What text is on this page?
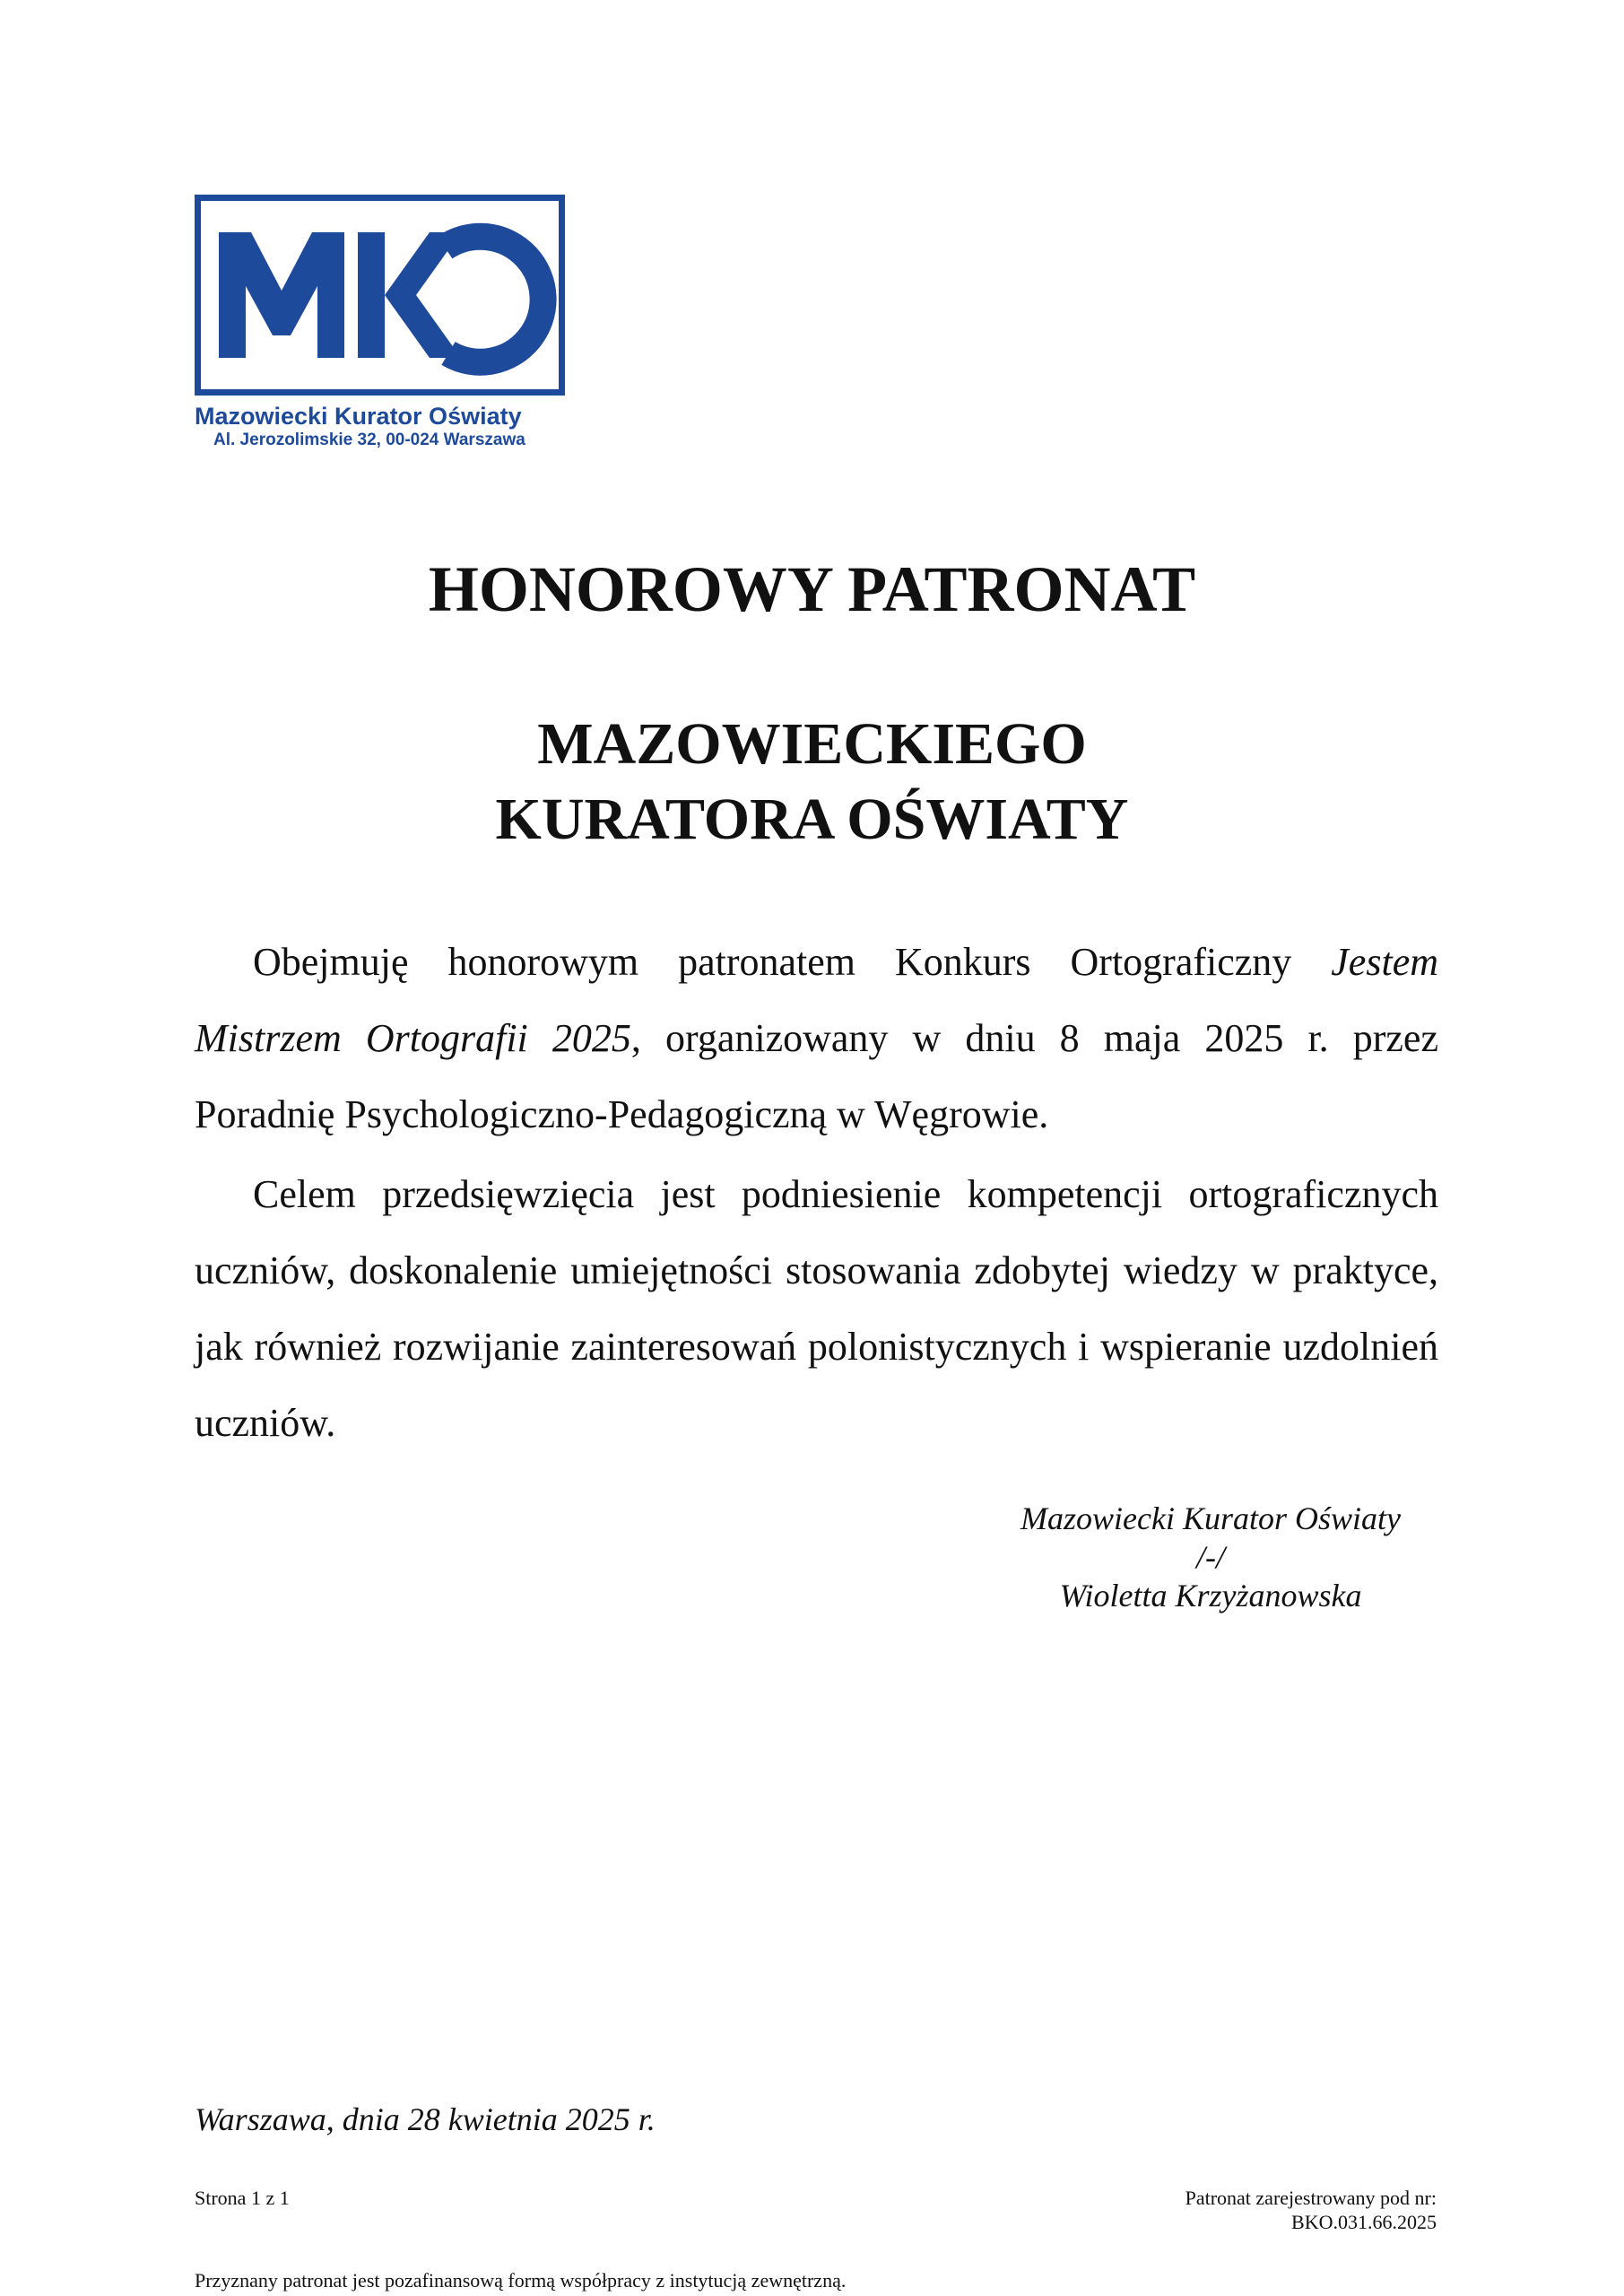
Mazowiecki Kurator Oświaty
Al. Jerozolimskie 32, 00-024 Warszawa
HONOROWY PATRONAT
MAZOWIECKIEGO
KURATORA OŚWIATY

Obejmuję honorowym patronatem Konkurs Ortograficzny Jestem Mistrzem Ortografii 2025, organizowany w dniu 8 maja 2025 r. przez Poradnię Psychologiczno-Pedagogiczną w Węgrowie.

Celem przedsięwzięcia jest podniesienie kompetencji ortograficznych uczniów, doskonalenie umiejętności stosowania zdobytej wiedzy w praktyce, jak również rozwijanie zainteresowań polonistycznych i wspieranie uzdolnień uczniów.

Mazowiecki Kurator Oświaty
/-/
Wioletta Krzyżanowska
Warszawa, dnia 28 kwietnia 2025 r.
Strona 1 z 1	Patronat zarejestrowany pod nr:
BKO.031.66.2025
Przyznany patronat jest pozafinansową formą współpracy z instytucją zewnętrzną.
